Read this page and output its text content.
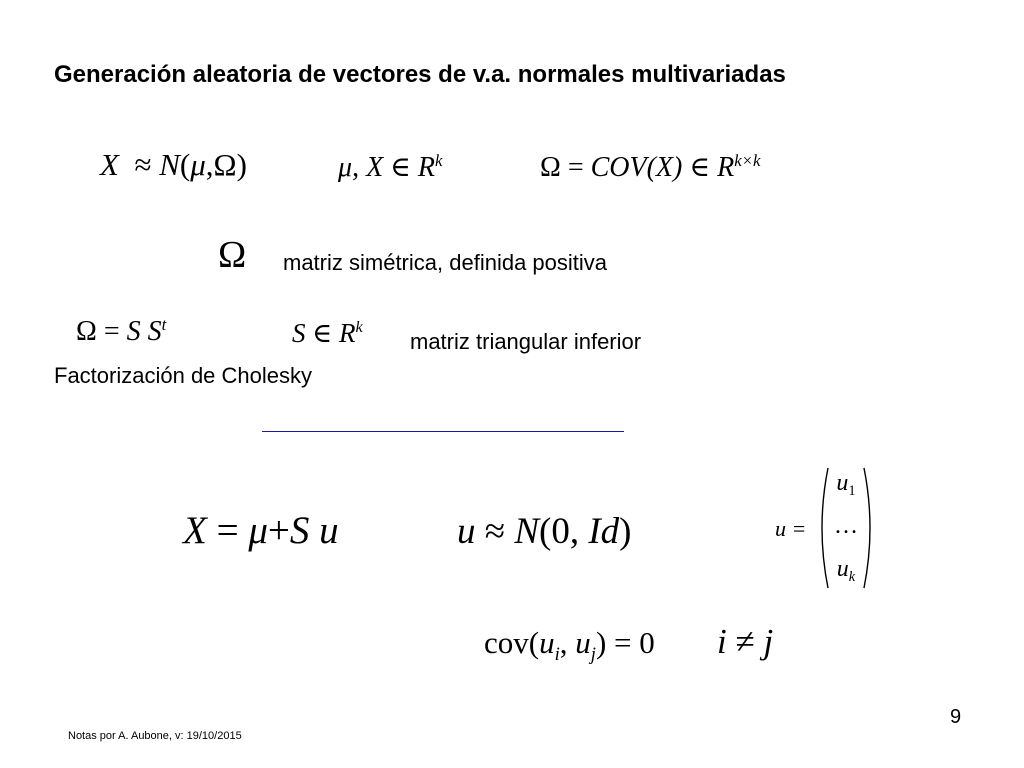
Generación aleatoria de vectores de v.a. normales multivariadas
X ≈ N(μ,Ω)	μ, X ∈ $R^k$	Ω = COV(X) ∈ $R^{k\times k}$
Ω matriz simétrica, definida positiva
Ω = S $S^t$	S ∈ $R^k$
matriz triangular inferior
Factorización de Cholesky
X = μ+S u	u ≈ N(0, Id)	u =
$u_1$
…
$u_k$
$cov(u_i$, $u_j) = 0$ i ≠ j
9
Notas por A. Aubone, v: 19/10/2015
